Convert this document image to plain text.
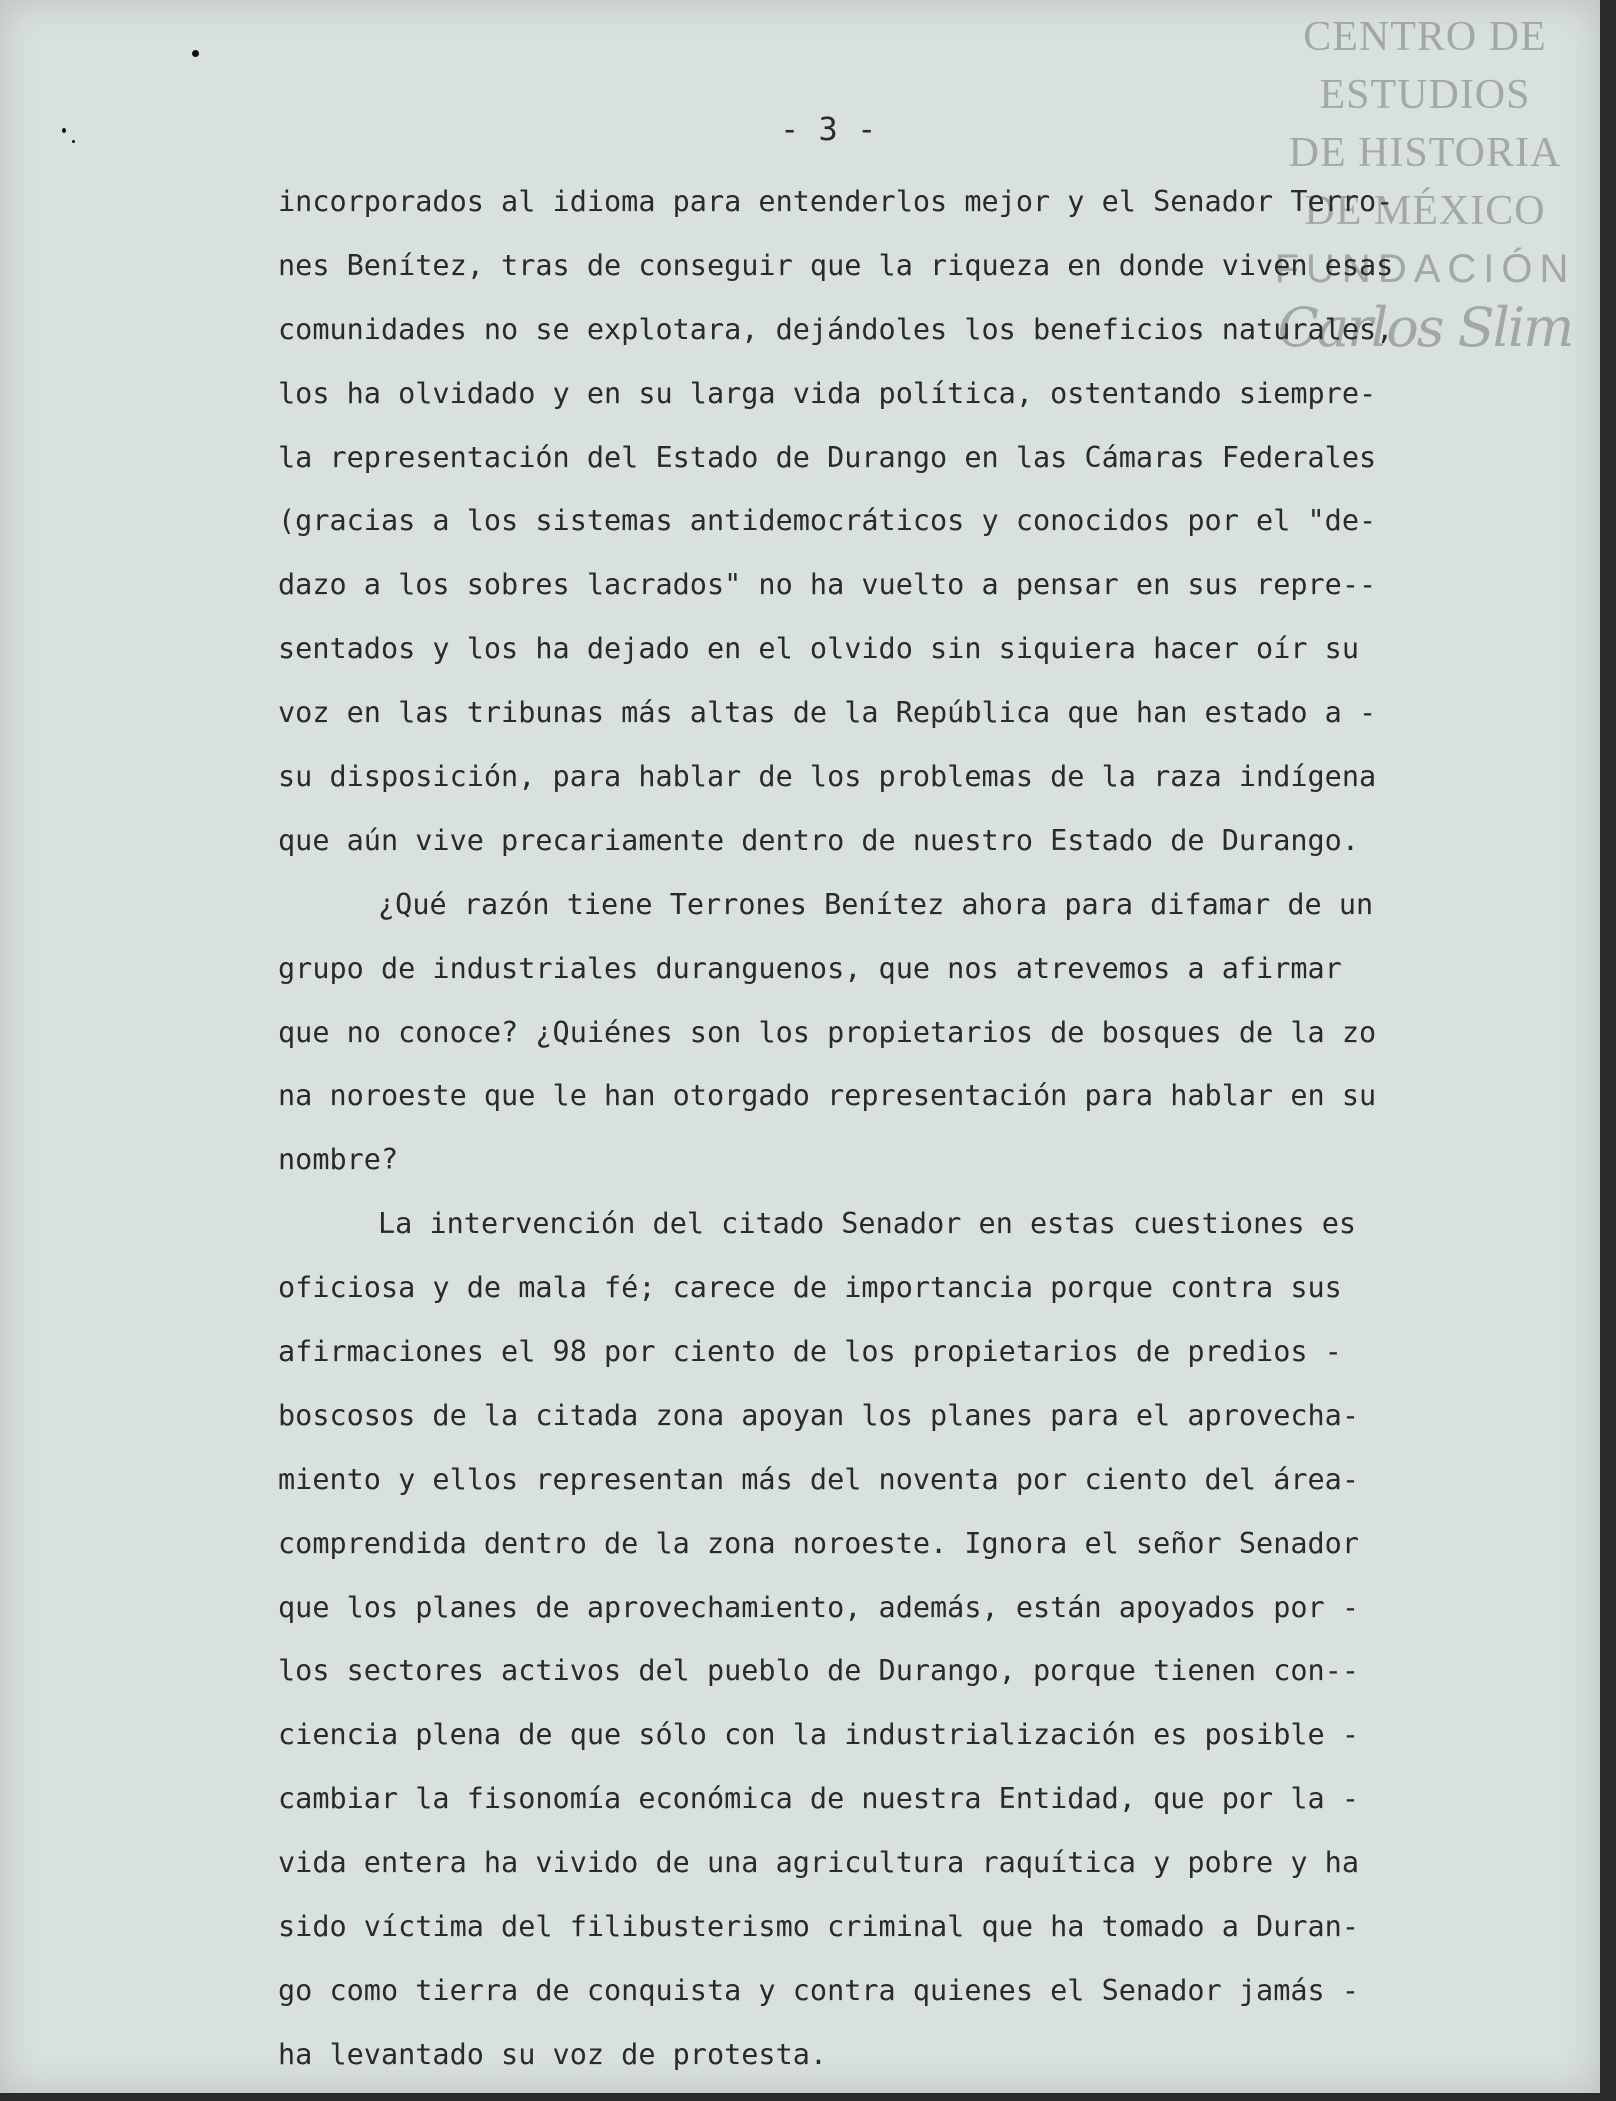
CENTRO DE
ESTUDIOS
DE HISTORIA
DE MÉXICO
FUNDACIÓN
Carlos Slim
- 3 -
incorporados al idioma para entenderlos mejor y el Senador Terro-
nes Benítez, tras de conseguir que la riqueza en donde viven esas
comunidades no se explotara, dejándoles los beneficios naturales,
los ha olvidado y en su larga vida política, ostentando siempre-
la representación del Estado de Durango en las Cámaras Federales
(gracias a los sistemas antidemocráticos y conocidos por el "de-
dazo a los sobres lacrados" no ha vuelto a pensar en sus repre--
sentados y los ha dejado en el olvido sin siquiera hacer oír su
voz en las tribunas más altas de la República que han estado a -
su disposición, para hablar de los problemas de la raza indígena
que aún vive precariamente dentro de nuestro Estado de Durango.
¿Qué razón tiene Terrones Benítez ahora para difamar de un
grupo de industriales duranguenos, que nos atrevemos a afirmar
que no conoce? ¿Quiénes son los propietarios de bosques de la zo
na noroeste que le han otorgado representación para hablar en su
nombre?
La intervención del citado Senador en estas cuestiones es
oficiosa y de mala fé; carece de importancia porque contra sus
afirmaciones el 98 por ciento de los propietarios de predios -
boscosos de la citada zona apoyan los planes para el aprovecha-
miento y ellos representan más del noventa por ciento del área-
comprendida dentro de la zona noroeste. Ignora el señor Senador
que los planes de aprovechamiento, además, están apoyados por -
los sectores activos del pueblo de Durango, porque tienen con--
ciencia plena de que sólo con la industrialización es posible -
cambiar la fisonomía económica de nuestra Entidad, que por la -
vida entera ha vivido de una agricultura raquítica y pobre y ha
sido víctima del filibusterismo criminal que ha tomado a Duran-
go como tierra de conquista y contra quienes el Senador jamás -
ha levantado su voz de protesta.
